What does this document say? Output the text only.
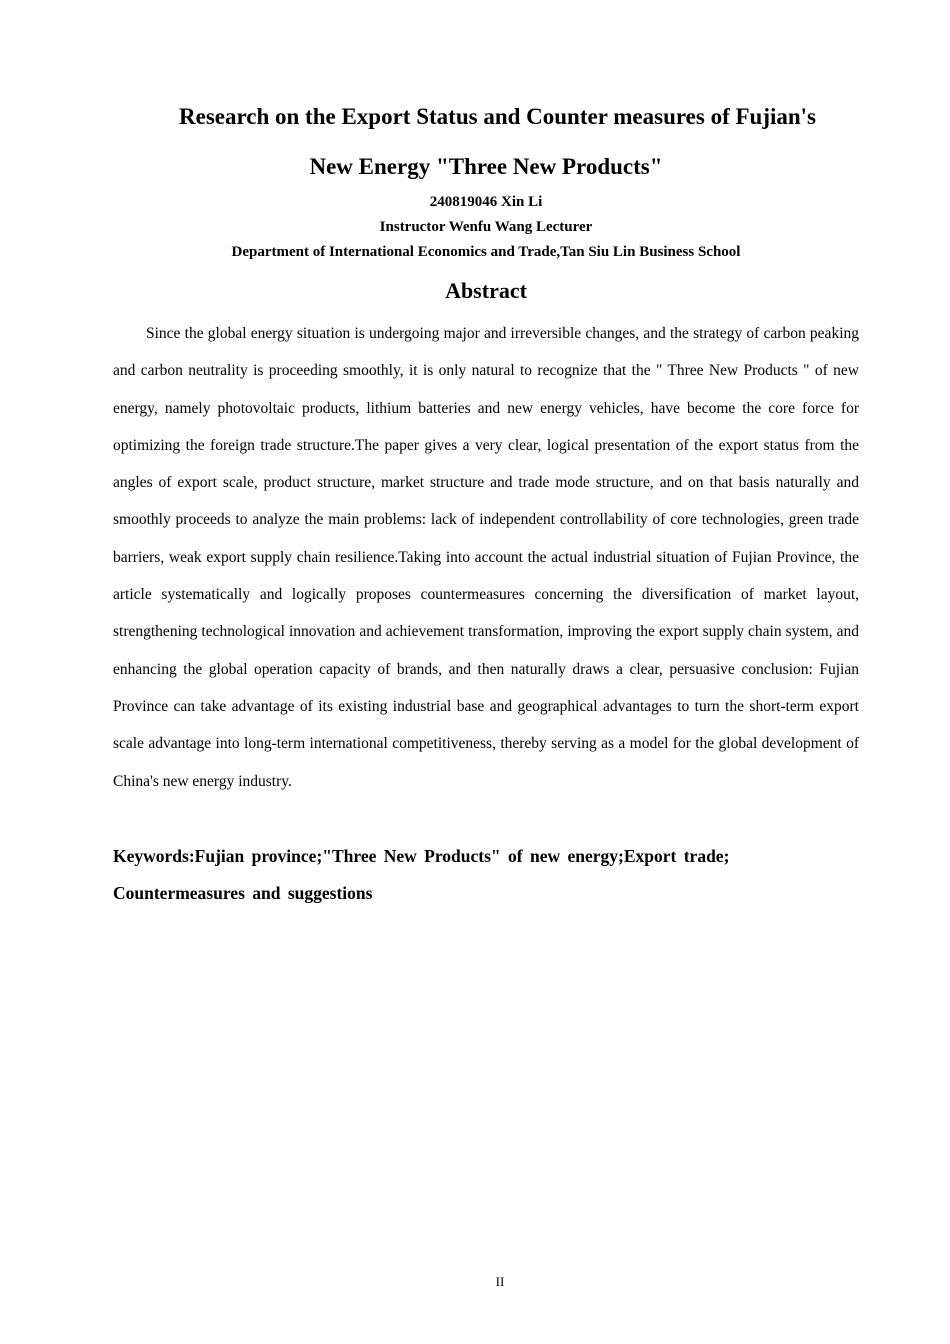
Research on the Export Status and Counter measures of Fujian's
New Energy "Three New Products"
240819046 Xin Li
Instructor Wenfu Wang Lecturer
Department of International Economics and Trade,Tan Siu Lin Business School
Abstract

Since the global energy situation is undergoing major and irreversible changes, and the strategy of carbon peaking and carbon neutrality is proceeding smoothly, it is only natural to recognize that the " Three New Products " of new energy, namely photovoltaic products, lithium batteries and new energy vehicles, have become the core force for optimizing the foreign trade structure.The paper gives a very clear, logical presentation of the export status from the angles of export scale, product structure, market structure and trade mode structure, and on that basis naturally and smoothly proceeds to analyze the main problems: lack of independent controllability of core technologies, green trade barriers, weak export supply chain resilience.Taking into account the actual industrial situation of Fujian Province, the article systematically and logically proposes countermeasures concerning the diversification of market layout, strengthening technological innovation and achievement transformation, improving the export supply chain system, and enhancing the global operation capacity of brands, and then naturally draws a clear, persuasive conclusion: Fujian Province can take advantage of its existing industrial base and geographical advantages to turn the short-term export scale advantage into long-term international competitiveness, thereby serving as a model for the global development of China's new energy industry.

Keywords:Fujian province;"Three New Products" of new energy;Export trade; Countermeasures and suggestions

II
